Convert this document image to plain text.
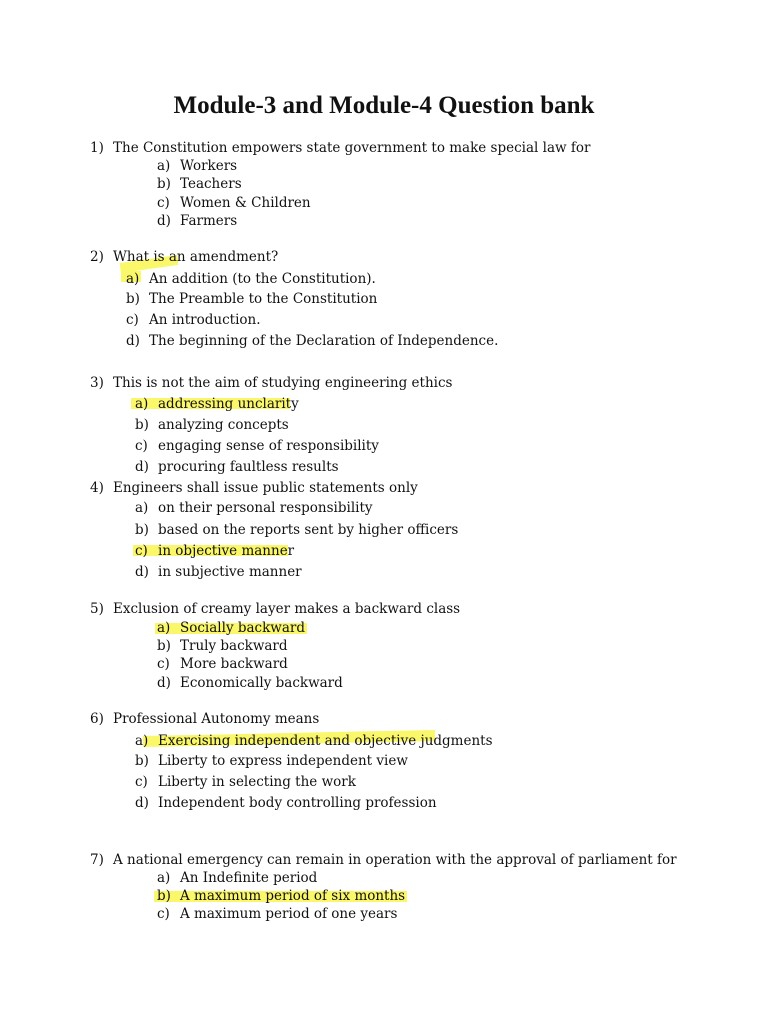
Module-3 and Module-4 Question bank
1) The Constitution empowers state government to make special law for
a) Workers
b) Teachers
c) Women & Children
d) Farmers
2) What is an amendment?
a) An addition (to the Constitution).
b) The Preamble to the Constitution
c) An introduction.
d) The beginning of the Declaration of Independence.
3) This is not the aim of studying engineering ethics
a) addressing unclarity
b) analyzing concepts
c) engaging sense of responsibility
d) procuring faultless results
4) Engineers shall issue public statements only
a) on their personal responsibility
b) based on the reports sent by higher officers
c) in objective manner
d) in subjective manner
5) Exclusion of creamy layer makes a backward class
a) Socially backward
b) Truly backward
c) More backward
d) Economically backward
6) Professional Autonomy means
a) Exercising independent and objective judgments
b) Liberty to express independent view
c) Liberty in selecting the work
d) Independent body controlling profession
7) A national emergency can remain in operation with the approval of parliament for
a) An Indefinite period
b) A maximum period of six months
c) A maximum period of one years
